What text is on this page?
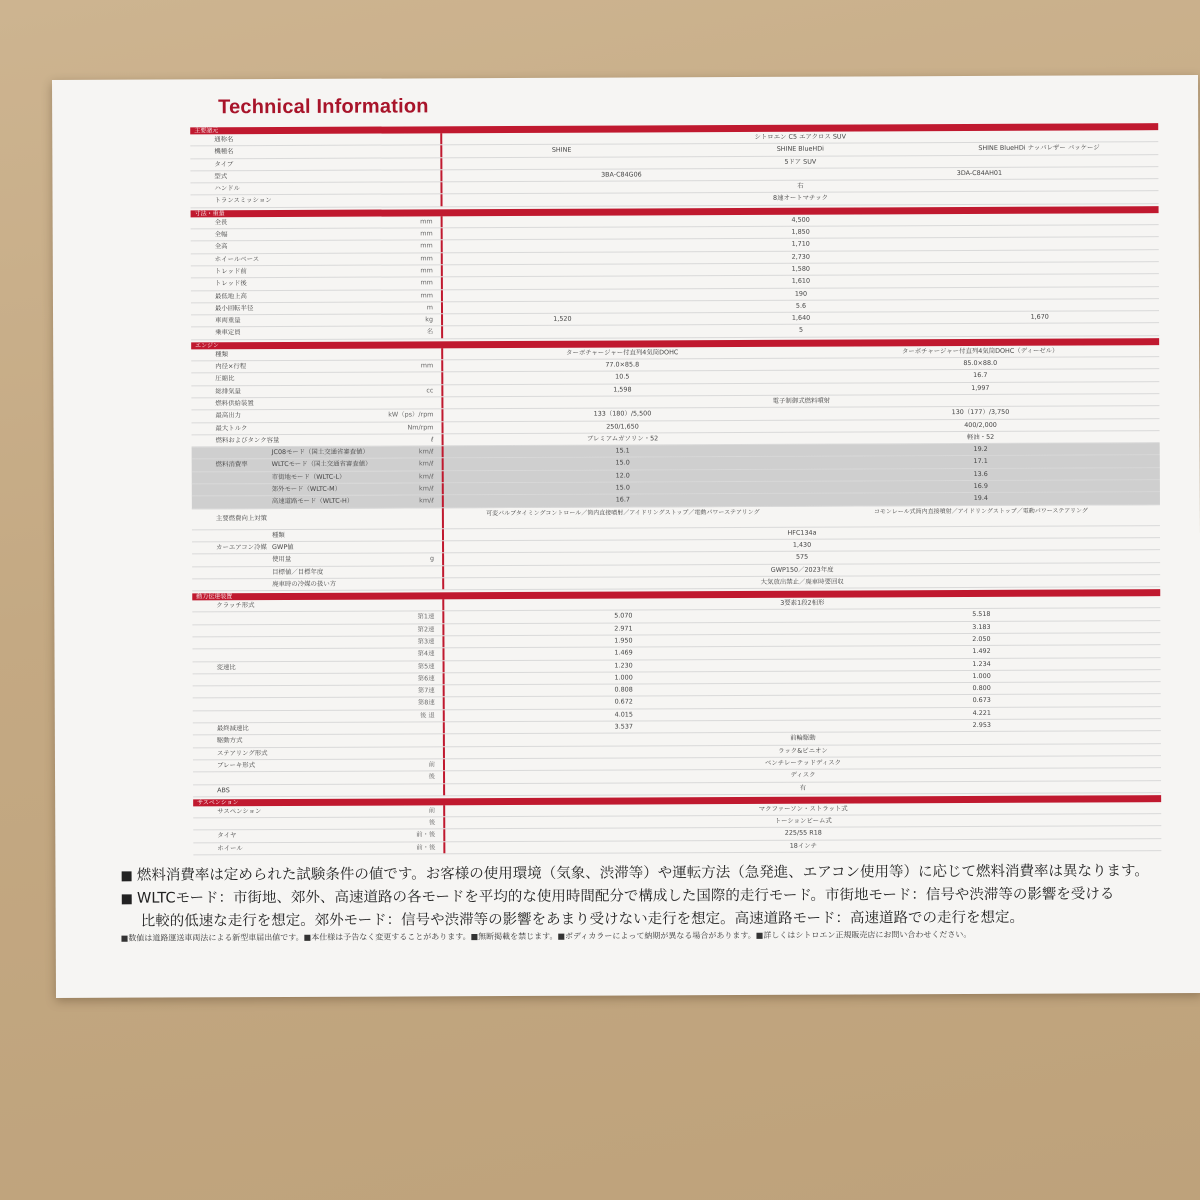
Technical Information
主要諸元
通称名	シトロエン C5 エアクロス SUV
機種名	SHINE	SHINE BlueHDi	SHINE BlueHDi ナッパレザー パッケージ
タイプ	5ドア SUV
型式	3BA-C84G06	3DA-C84AH01
ハンドル	右
トランスミッション	8速オートマチック
寸法・重量
全長	mm	4,500
全幅	mm	1,850
全高	mm	1,710
ホイールベース	mm	2,730
トレッド前	mm	1,580
トレッド後	mm	1,610
最低地上高	mm	190
最小回転半径	m	5.6
車両重量	kg	1,520	1,640	1,670
乗車定員	名	5
エンジン
種類	ターボチャージャー付直列4気筒DOHC	ターボチャージャー付直列4気筒DOHC（ディーゼル）
内径×行程	mm	77.0×85.8	85.0×88.0
圧縮比	10.5	16.7
総排気量	cc	1,598	1,997
燃料供給装置	電子制御式燃料噴射
最高出力	kW（ps）/rpm	133（180）/5,500	130（177）/3,750
最大トルク	Nm/rpm	250/1,650	400/2,000
燃料およびタンク容量	ℓ	プレミアムガソリン・52	軽油・52
JC08モード（国土交通省審査値）	km/ℓ	15.1	19.2
燃料消費率	WLTCモード（国土交通省審査値）	km/ℓ	15.0	17.1
市街地モード（WLTC-L）	km/ℓ	12.0	13.6
郊外モード（WLTC-M）	km/ℓ	15.0	16.9
高速道路モード（WLTC-H）	km/ℓ	16.7	19.4
主要燃費向上対策
可変バルブタイミングコントロール／筒内直接噴射／アイドリングストップ／電動パワーステアリング	コモンレール式筒内直接噴射／アイドリングストップ／電動パワーステアリング
種類	HFC134a
カーエアコン冷媒 GWP値	1,430
使用量	g	575
目標値／目標年度	GWP150／2023年度
廃車時の冷媒の扱い方	大気放出禁止／廃車時要回収
動力伝達装置
クラッチ形式	3要素1段2相形
第1速	5.070	5.518
第2速	2.971	3.183
第3速	1.950	2.050
第4速	1.469	1.492
変速比	第5速	1.230	1.234
第6速	1.000	1.000
第7速	0.808	0.800
第8速	0.672	0.673
後 退	4.015	4.221
最終減速比	3.537	2.953
駆動方式	前輪駆動
ステアリング形式	ラック&ピニオン
ブレーキ形式	前	ベンチレーテッドディスク
後	ディスク
ABS	有
サスペンション
サスペンション	前	マクファーソン・ストラット式
後	トーションビーム式
タイヤ	前・後	225/55 R18
ホイール	前・後	18インチ

■ 燃料消費率は定められた試験条件の値です。お客様の使用環境（気象、渋滞等）や運転方法（急発進、エアコン使用等）に応じて燃料消費率は異なります。

■ WLTCモード：市街地、郊外、高速道路の各モードを平均的な使用時間配分で構成した国際的走行モード。市街地モード：信号や渋滞等の影響を受ける

比較的低速な走行を想定。郊外モード：信号や渋滞等の影響をあまり受けない走行を想定。高速道路モード：高速道路での走行を想定。

■数値は道路運送車両法による新型車届出値です。■本仕様は予告なく変更することがあります。■無断掲載を禁じます。■ボディカラーによって納期が異なる場合があります。■詳しくはシトロエン正規販売店にお問い合わせください。
